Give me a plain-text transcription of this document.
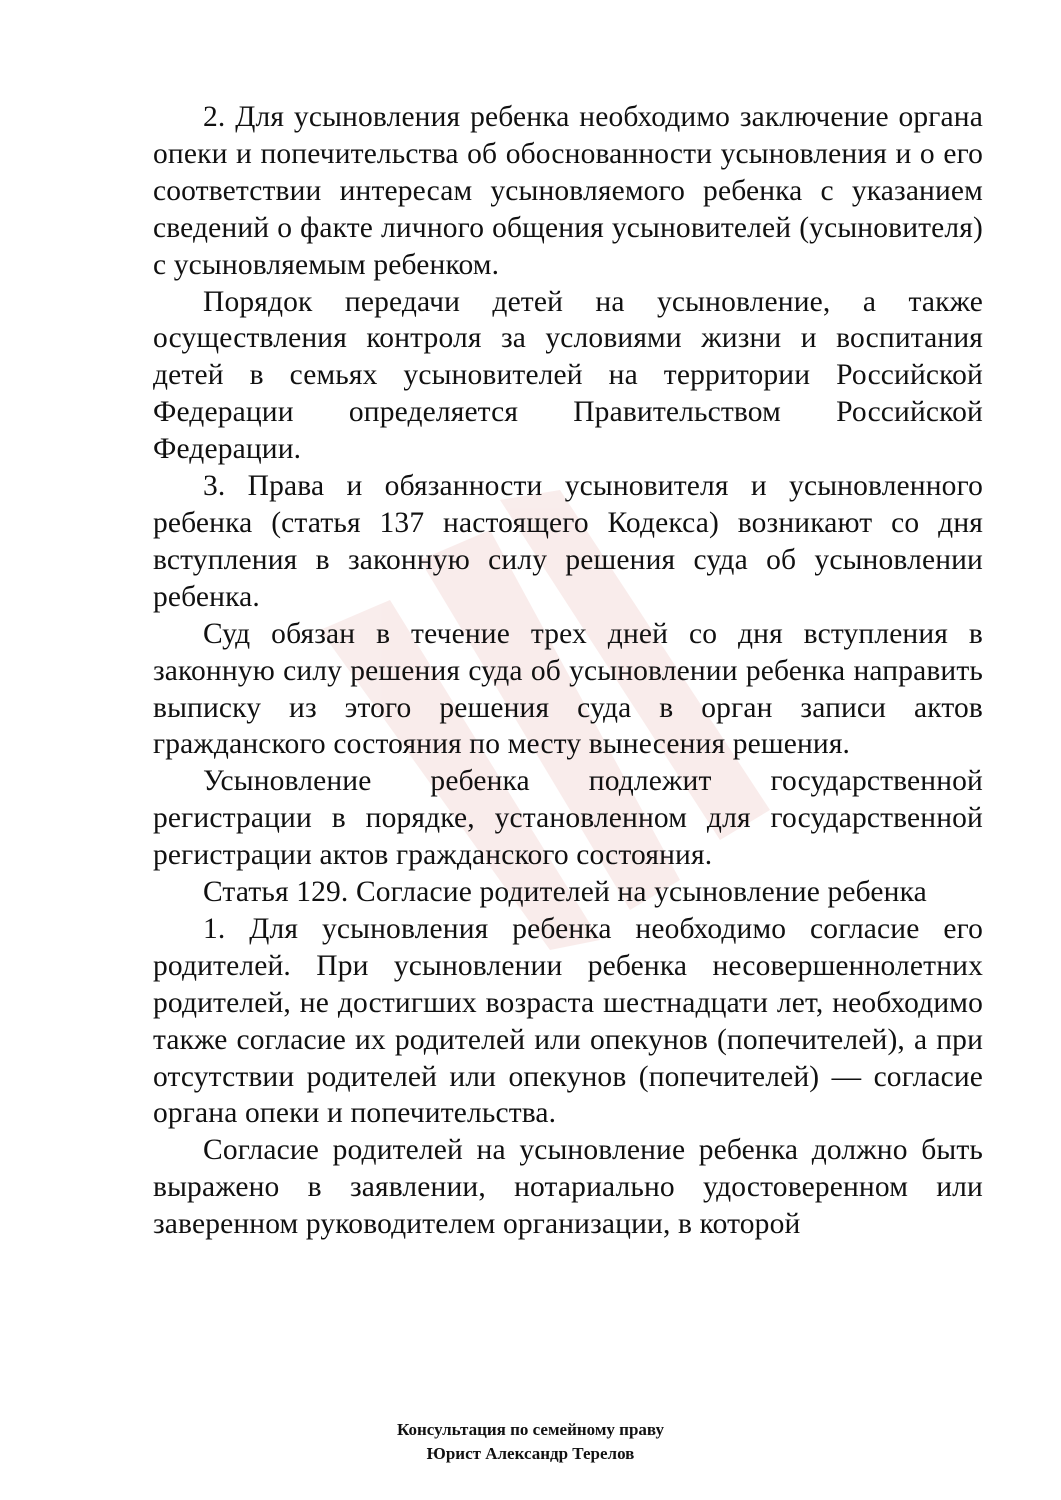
2. Для усыновления ребенка необходимо заключение органа опеки и попечительства об обоснованности усыновления и о его соответствии интересам усыновляемого ребенка с указанием сведений о факте личного общения усыновителей (усыновителя) с усыновляемым ребенком.

Порядок передачи детей на усыновление, а также осуществления контроля за условиями жизни и воспитания детей в семьях усыновителей на территории Российской Федерации определяется Правительством Российской Федерации.

3. Права и обязанности усыновителя и усыновленного ребенка (статья 137 настоящего Кодекса) возникают со дня вступления в законную силу решения суда об усыновлении ребенка.

Суд обязан в течение трех дней со дня вступления в законную силу решения суда об усыновлении ребенка направить выписку из этого решения суда в орган записи актов гражданского состояния по месту вынесения решения.

Усыновление ребенка подлежит государственной регистрации в порядке, установленном для государственной регистрации актов гражданского состояния.

Статья 129. Согласие родителей на усыновление ребенка

1. Для усыновления ребенка необходимо согласие его родителей. При усыновлении ребенка несовершеннолетних родителей, не достигших возраста шестнадцати лет, необходимо также согласие их родителей или опекунов (попечителей), а при отсутствии родителей или опекунов (попечителей) — согласие органа опеки и попечительства.

Согласие родителей на усыновление ребенка должно быть выражено в заявлении, нотариально удостоверенном или заверенном руководителем организации, в которой

Консультация по семейному праву
Юрист Александр Терелов
